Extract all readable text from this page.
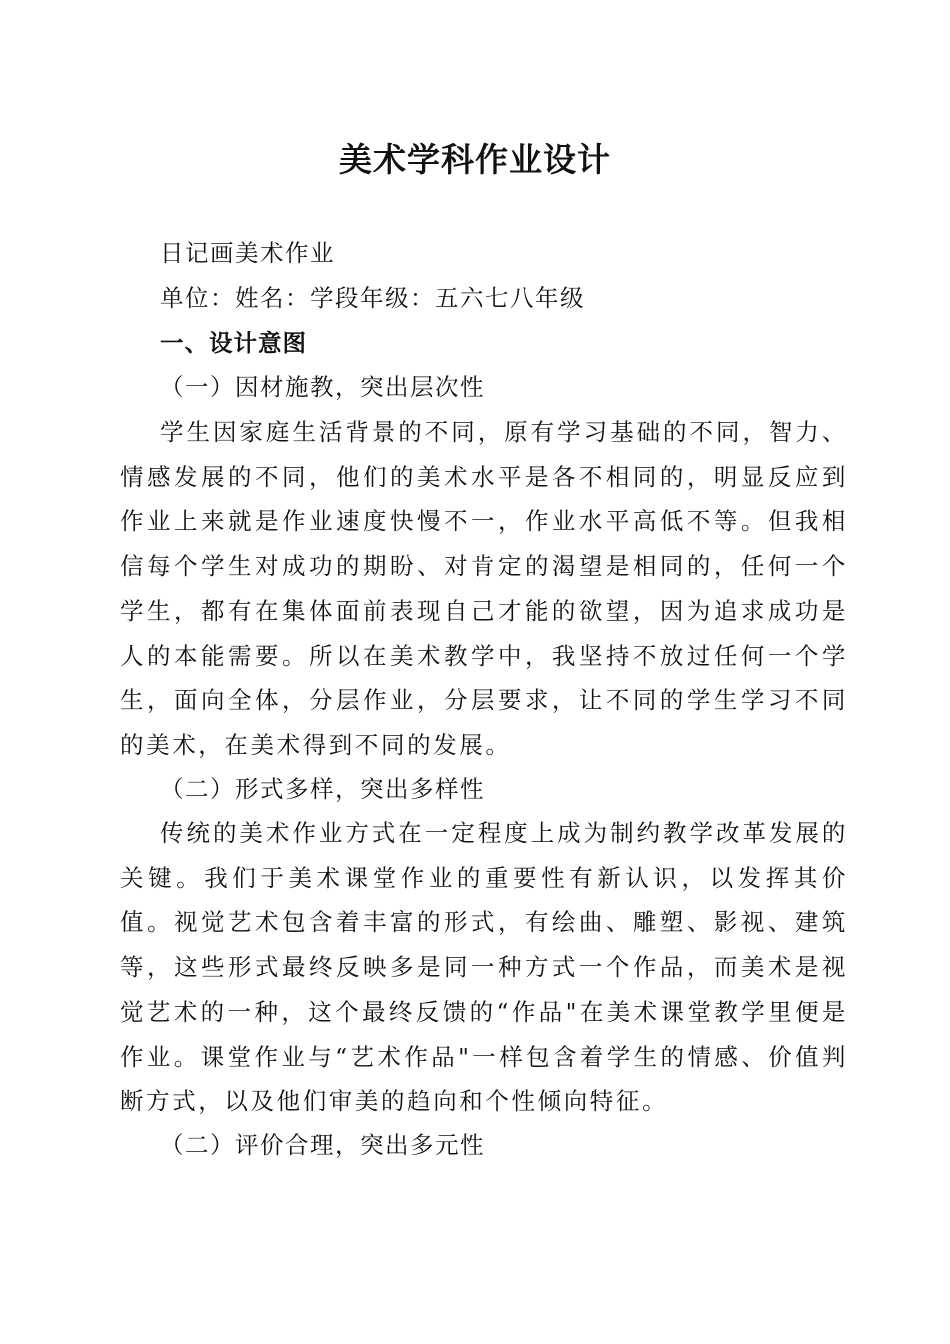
美术学科作业设计

日记画美术作业

单位：姓名：学段年级：五六七八年级

一、设计意图

（一）因材施教，突出层次性

学生因家庭生活背景的不同，原有学习基础的不同，智力、情感发展的不同，他们的美术水平是各不相同的，明显反应到作业上来就是作业速度快慢不一，作业水平高低不等。但我相信每个学生对成功的期盼、对肯定的渴望是相同的，任何一个学生，都有在集体面前表现自己才能的欲望，因为追求成功是人的本能需要。所以在美术教学中，我坚持不放过任何一个学生，面向全体，分层作业，分层要求，让不同的学生学习不同的美术，在美术得到不同的发展。

（二）形式多样，突出多样性

传统的美术作业方式在一定程度上成为制约教学改革发展的关键。我们于美术课堂作业的重要性有新认识，以发挥其价值。视觉艺术包含着丰富的形式，有绘曲、雕塑、影视、建筑等，这些形式最终反映多是同一种方式一个作品，而美术是视觉艺术的一种，这个最终反馈的“作品"在美术课堂教学里便是作业。课堂作业与“艺术作品"一样包含着学生的情感、价值判断方式，以及他们审美的趋向和个性倾向特征。

（二）评价合理，突出多元性
